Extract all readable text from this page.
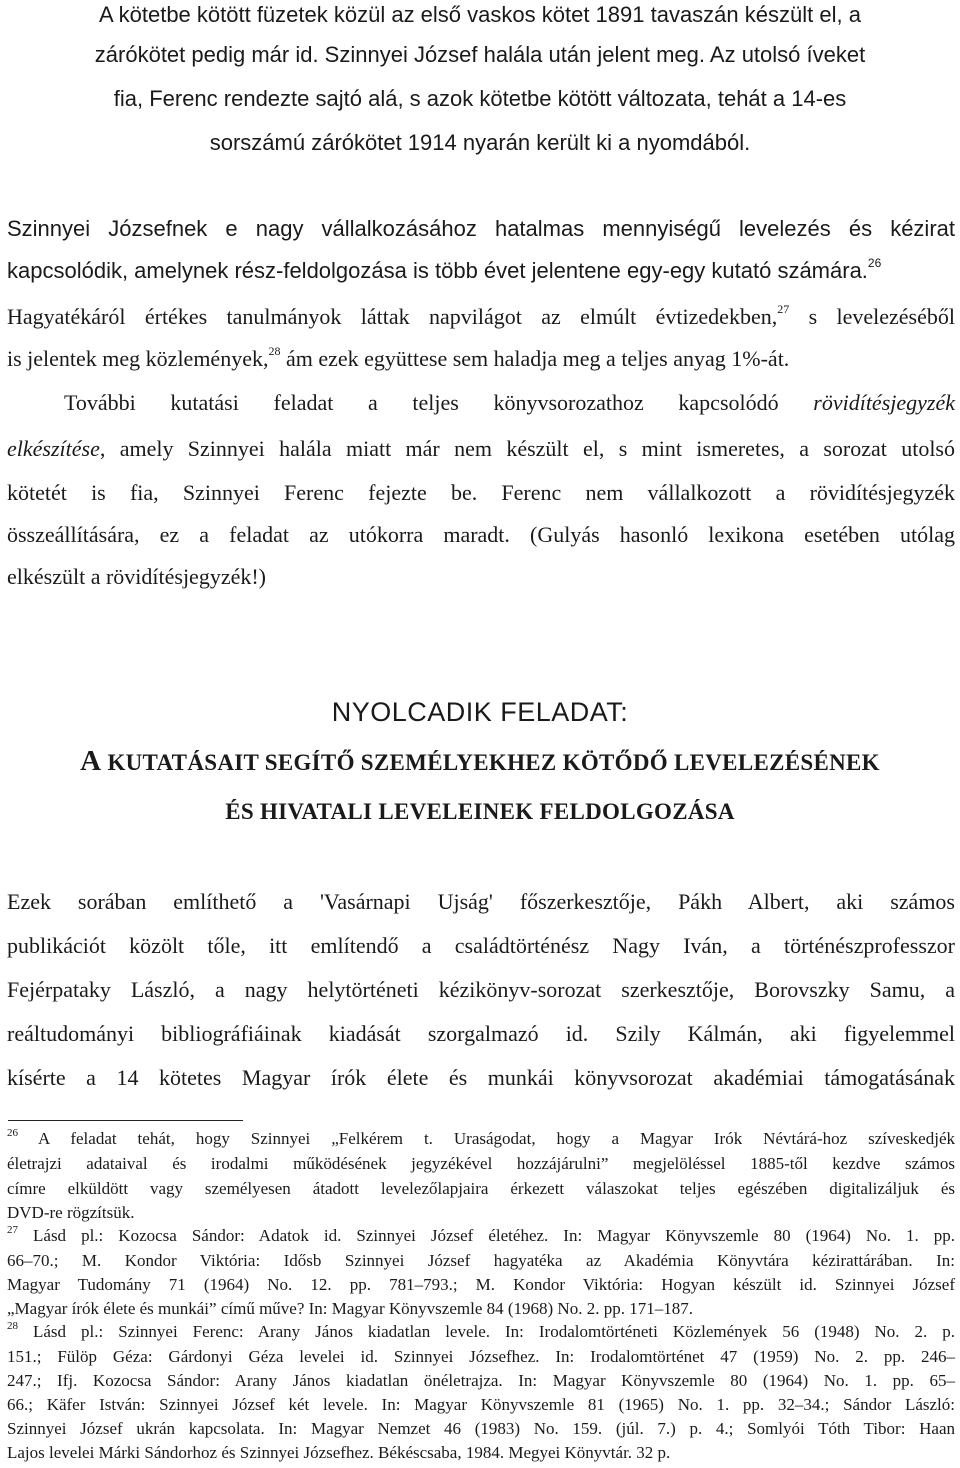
A kötetbe kötött füzetek közül az első vaskos kötet 1891 tavaszán készült el, a
zárókötet pedig már id. Szinnyei József halála után jelent meg. Az utolsó íveket
fia, Ferenc rendezte sajtó alá, s azok kötetbe kötött változata, tehát a 14-es
sorszámú zárókötet 1914 nyarán került ki a nyomdából.
Szinnyei Józsefnek e nagy vállalkozásához hatalmas mennyiségű levelezés és kézirat
kapcsolódik, amelynek rész-feldolgozása is több évet jelentene egy-egy kutató számára.$^{26}$
Hagyatékáról értékes tanulmányok láttak napvilágot az elmúlt évtizedekben,$^{27}$ s levelezéséből
is jelentek meg közlemények,$^{28}$ ám ezek együttese sem haladja meg a teljes anyag 1%-át.
További kutatási feladat a teljes könyvsorozathoz kapcsolódó rövidítésjegyzék
elkészítése, amely Szinnyei halála miatt már nem készült el, s mint ismeretes, a sorozat utolsó
kötetét is fia, Szinnyei Ferenc fejezte be. Ferenc nem vállalkozott a rövidítésjegyzék
összeállítására, ez a feladat az utókorra maradt. (Gulyás hasonló lexikona esetében utólag
elkészült a rövidítésjegyzék!)
NYOLCADIK FELADAT:
A KUTATÁSAIT SEGÍTŐ SZEMÉLYEKHEZ KÖTŐDŐ LEVELEZÉSÉNEK
ÉS HIVATALI LEVELEINEK FELDOLGOZÁSA
Ezek sorában említhető a 'Vasárnapi Ujság' főszerkesztője, Pákh Albert, aki számos
publikációt közölt tőle, itt említendő a családtörténész Nagy Iván, a történészprofesszor
Fejérpataky László, a nagy helytörténeti kézikönyv-sorozat szerkesztője, Borovszky Samu, a
reáltudományi bibliográfiáinak kiadását szorgalmazó id. Szily Kálmán, aki figyelemmel
kísérte a 14 kötetes Magyar írók élete és munkái könyvsorozat akadémiai támogatásának
$^{26}$ A feladat tehát, hogy Szinnyei „Felkérem t. Uraságodat, hogy a Magyar Irók Névtárá-hoz szíveskedjék
életrajzi adataival és irodalmi működésének jegyzékével hozzájárulni” megjelöléssel 1885-től kezdve számos
címre elküldött vagy személyesen átadott levelezőlapjaira érkezett válaszokat teljes egészében digitalizáljuk és
DVD-re rögzítsük.
$^{27}$ Lásd pl.: Kozocsa Sándor: Adatok id. Szinnyei József életéhez. In: Magyar Könyvszemle 80 (1964) No. 1. pp.
66–70.; M. Kondor Viktória: Idősb Szinnyei József hagyatéka az Akadémia Könyvtára kézirattárában. In:
Magyar Tudomány 71 (1964) No. 12. pp. 781–793.; M. Kondor Viktória: Hogyan készült id. Szinnyei József
„Magyar írók élete és munkái” című műve? In: Magyar Könyvszemle 84 (1968) No. 2. pp. 171–187.
$^{28}$ Lásd pl.: Szinnyei Ferenc: Arany János kiadatlan levele. In: Irodalomtörténeti Közlemények 56 (1948) No. 2. p.
151.; Fülöp Géza: Gárdonyi Géza levelei id. Szinnyei Józsefhez. In: Irodalomtörténet 47 (1959) No. 2. pp. 246–
247.; Ifj. Kozocsa Sándor: Arany János kiadatlan önéletrajza. In: Magyar Könyvszemle 80 (1964) No. 1. pp. 65–
66.; Käfer István: Szinnyei József két levele. In: Magyar Könyvszemle 81 (1965) No. 1. pp. 32–34.; Sándor László:
Szinnyei József ukrán kapcsolata. In: Magyar Nemzet 46 (1983) No. 159. (júl. 7.) p. 4.; Somlyói Tóth Tibor: Haan
Lajos levelei Márki Sándorhoz és Szinnyei Józsefhez. Békéscsaba, 1984. Megyei Könyvtár. 32 p.
